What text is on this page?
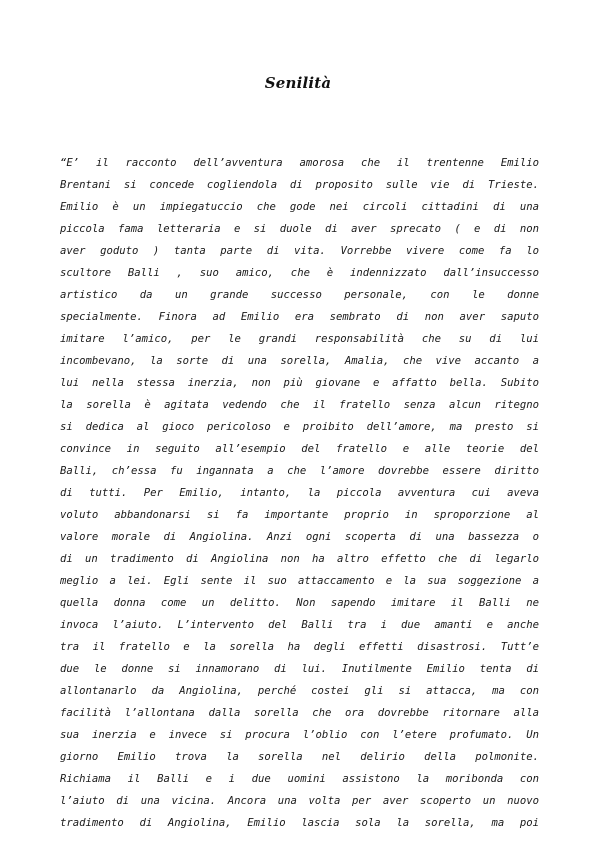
Senilità
“E’ il racconto dell’avventura amorosa che il trentenne Emilio
Brentani si concede cogliendola di proposito sulle vie di Trieste.
Emilio è un impiegatuccio che gode nei circoli cittadini di una
piccola fama letteraria e si duole di aver sprecato ( e di non
aver goduto ) tanta parte di vita. Vorrebbe vivere come fa lo
scultore Balli , suo amico, che è indennizzato dall’insuccesso
artistico da un grande successo personale, con le donne
specialmente. Finora ad Emilio era sembrato di non aver saputo
imitare l’amico, per le grandi responsabilità che su di lui
incombevano, la sorte di una sorella, Amalia, che vive accanto a
lui nella stessa inerzia, non più giovane e affatto bella. Subito
la sorella è agitata vedendo che il fratello senza alcun ritegno
si dedica al gioco pericoloso e proibito dell’amore, ma presto si
convince in seguito all’esempio del fratello e alle teorie del
Balli, ch’essa fu ingannata a che l’amore dovrebbe essere diritto
di tutti. Per Emilio, intanto, la piccola avventura cui aveva
voluto abbandonarsi si fa importante proprio in sproporzione al
valore morale di Angiolina. Anzi ogni scoperta di una bassezza o
di un tradimento di Angiolina non ha altro effetto che di legarlo
meglio a lei. Egli sente il suo attaccamento e la sua soggezione a
quella donna come un delitto. Non sapendo imitare il Balli ne
invoca l’aiuto. L’intervento del Balli tra i due amanti e anche
tra il fratello e la sorella ha degli effetti disastrosi. Tutt’e
due le donne si innamorano di lui. Inutilmente Emilio tenta di
allontanarlo da Angiolina, perché costei gli si attacca, ma con
facilità l’allontana dalla sorella che ora dovrebbe ritornare alla
sua inerzia e invece si procura l’oblio con l’etere profumato. Un
giorno Emilio trova la sorella nel delirio della polmonite.
Richiama il Balli e i due uomini assistono la moribonda con
l’aiuto di una vicina. Ancora una volta per aver scoperto un nuovo
tradimento di Angiolina, Emilio lascia sola la sorella, ma poi
